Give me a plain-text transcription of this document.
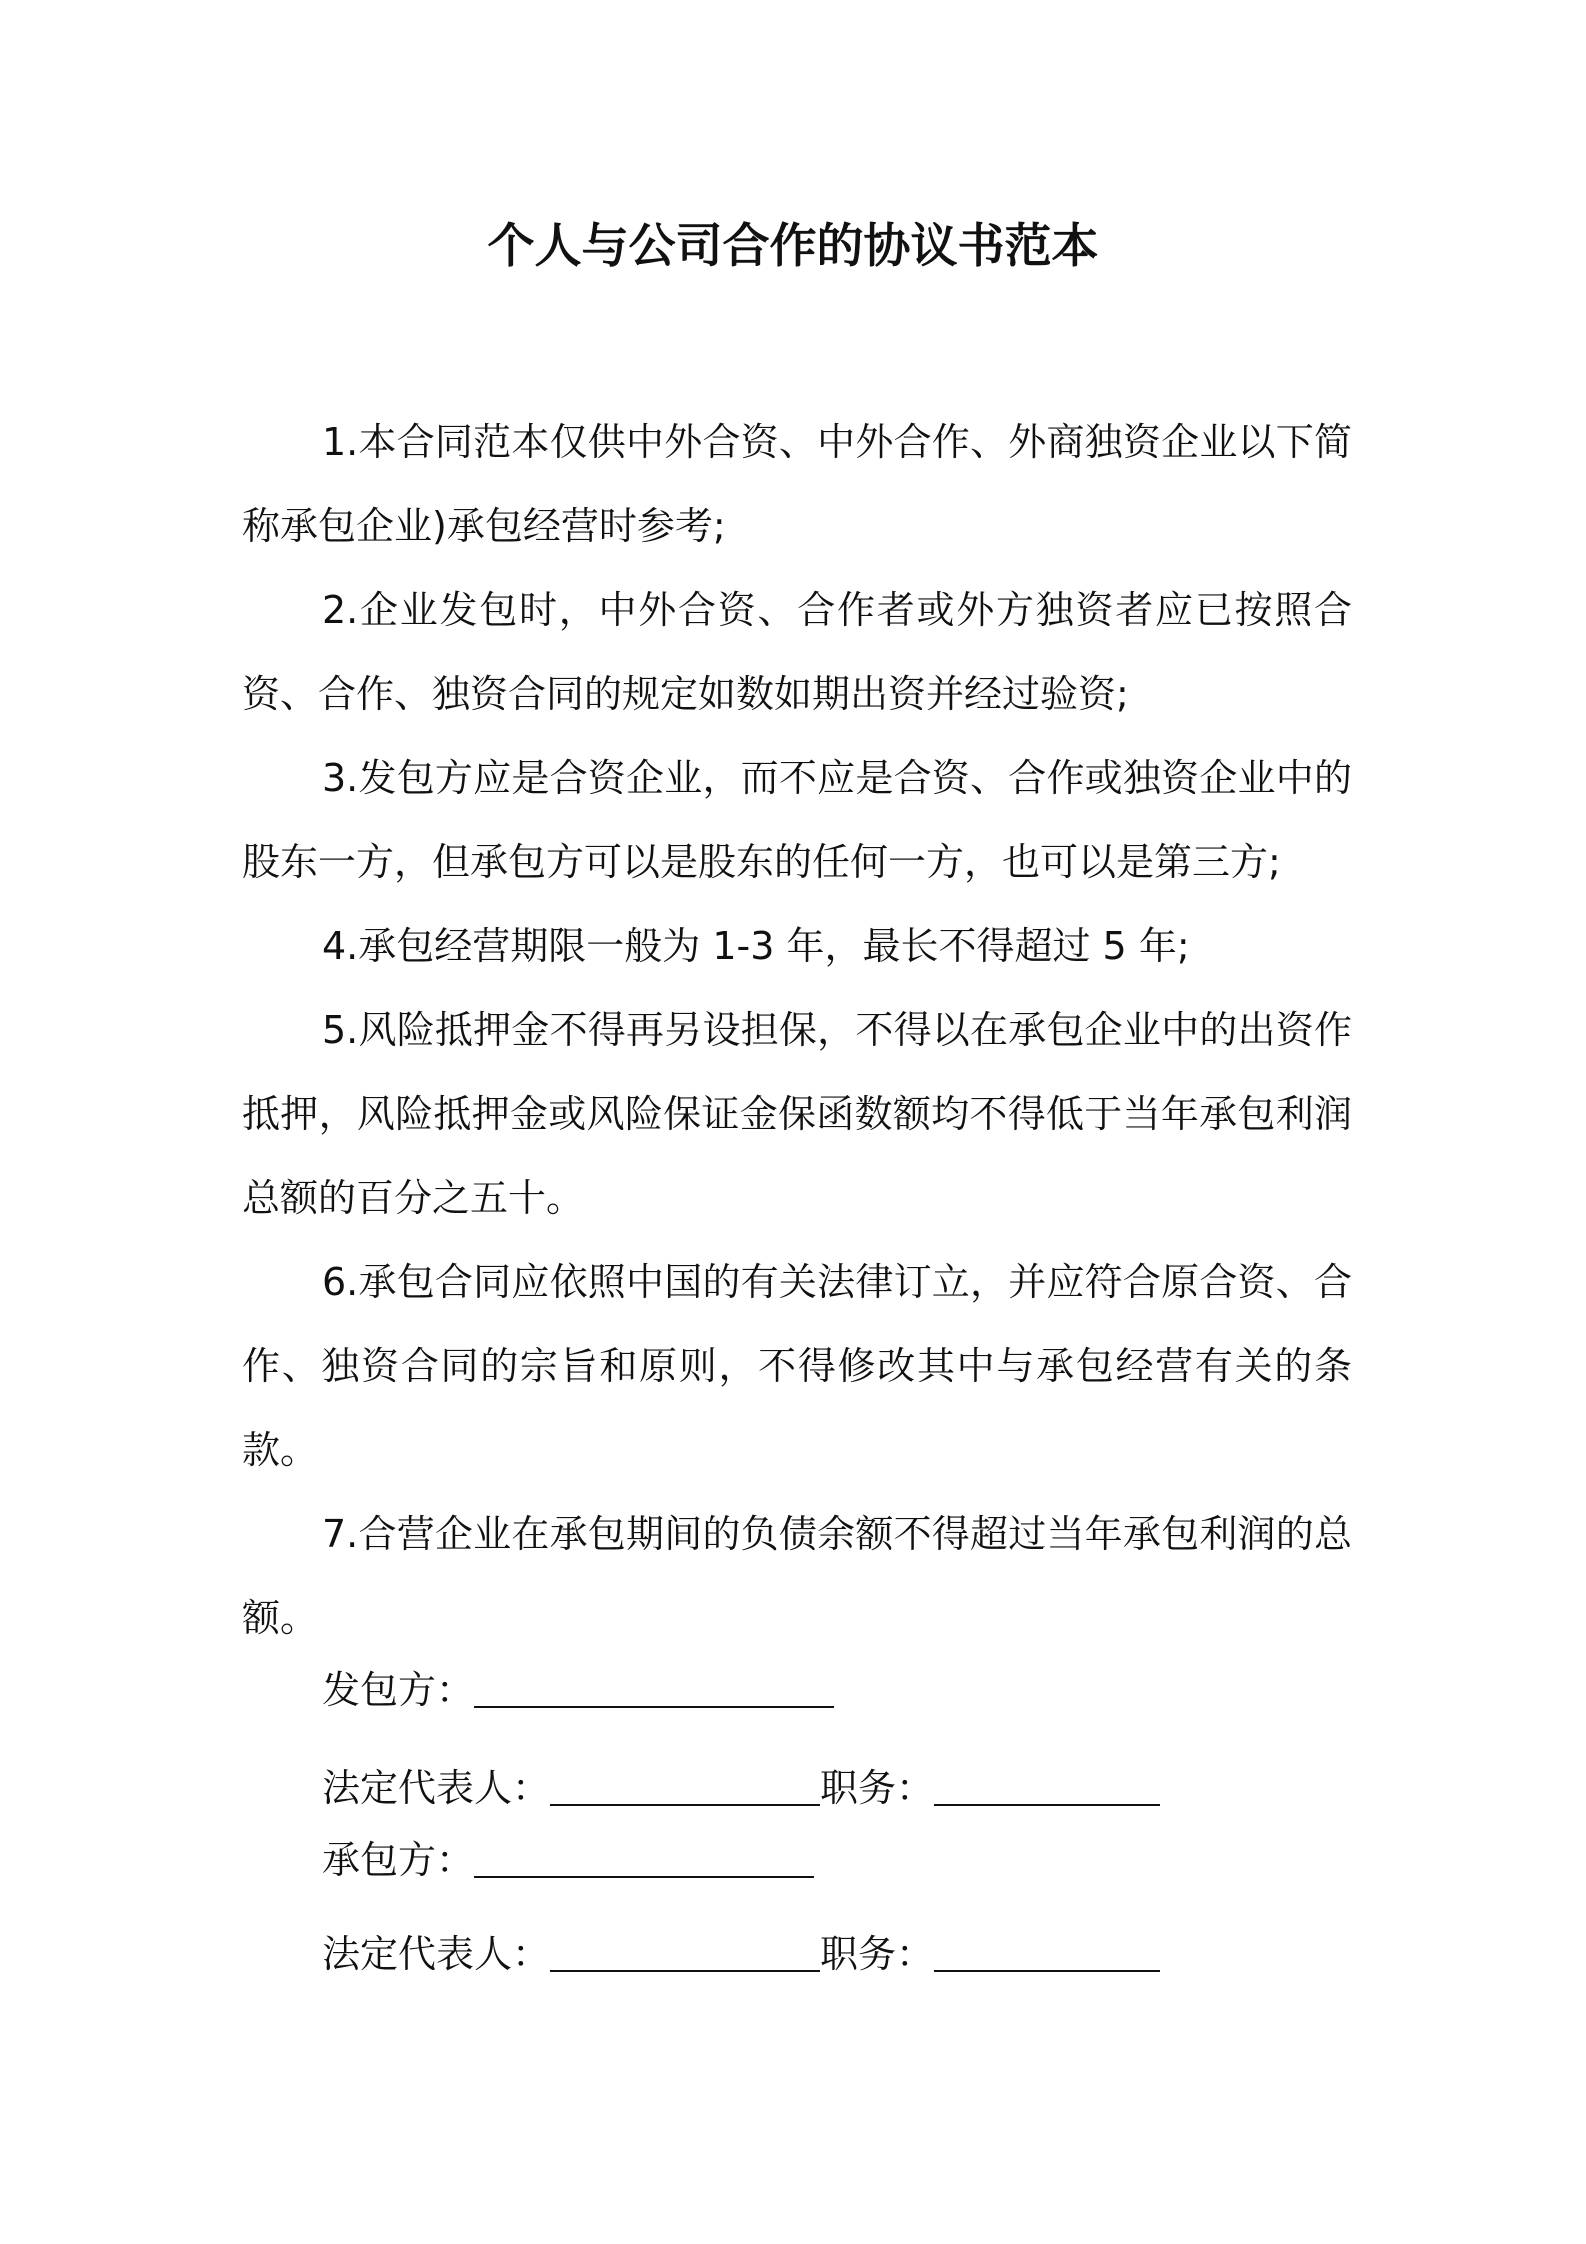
个人与公司合作的协议书范本

1.本合同范本仅供中外合资、中外合作、外商独资企业以下简称承包企业)承包经营时参考;

2.企业发包时，中外合资、合作者或外方独资者应已按照合资、合作、独资合同的规定如数如期出资并经过验资;

3.发包方应是合资企业，而不应是合资、合作或独资企业中的股东一方，但承包方可以是股东的任何一方，也可以是第三方;

4.承包经营期限一般为 1-3 年，最长不得超过 5 年;

5.风险抵押金不得再另设担保，不得以在承包企业中的出资作抵押，风险抵押金或风险保证金保函数额均不得低于当年承包利润总额的百分之五十。

6.承包合同应依照中国的有关法律订立，并应符合原合资、合作、独资合同的宗旨和原则，不得修改其中与承包经营有关的条款。

7.合营企业在承包期间的负债余额不得超过当年承包利润的总额。

发包方：
法定代表人：	职务：
承包方：
法定代表人：	职务：
